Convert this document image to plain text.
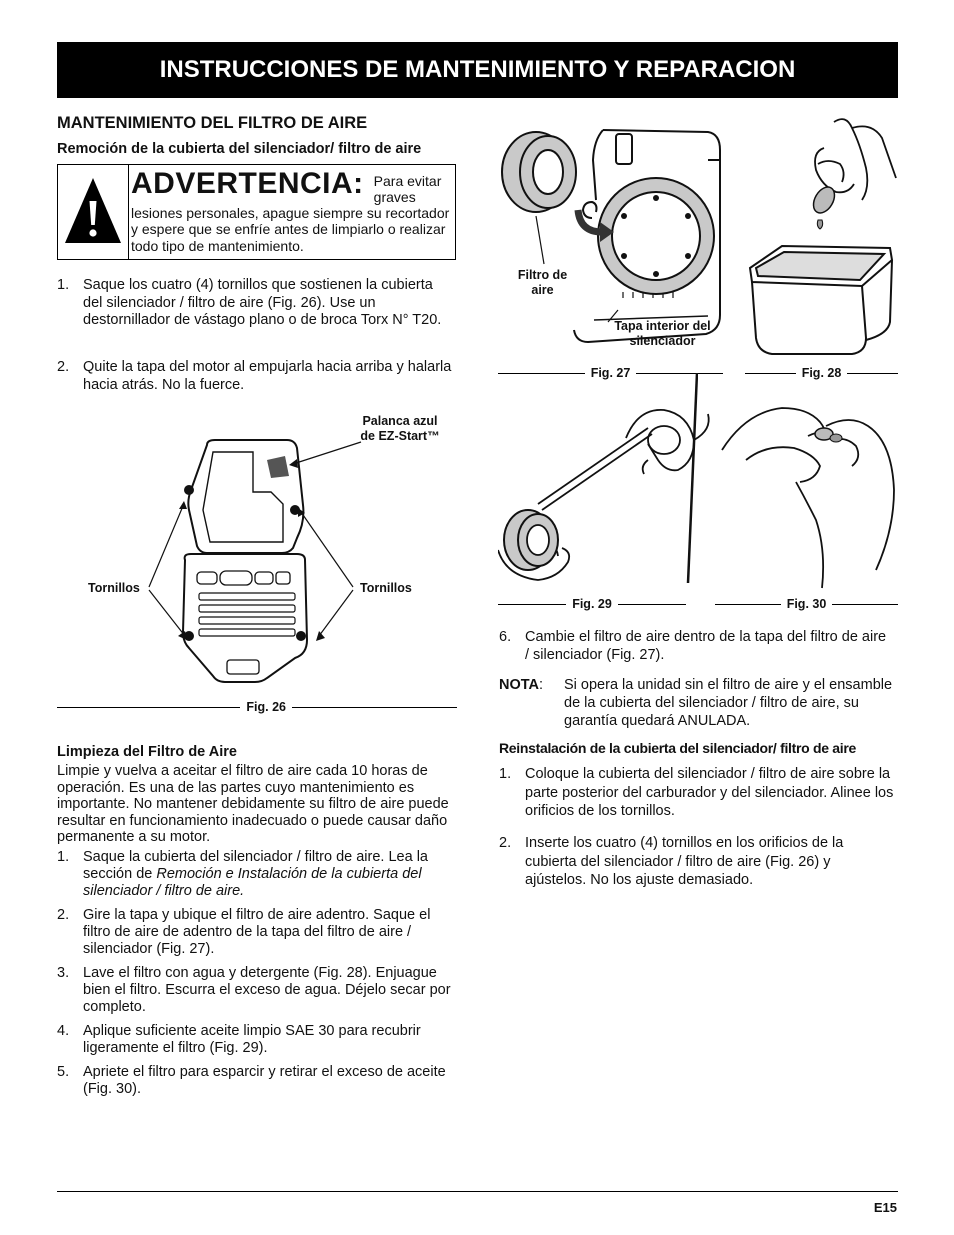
INSTRUCCIONES DE MANTENIMIENTO Y REPARACION
MANTENIMIENTO DEL FILTRO DE AIRE
Remoción de la cubierta del silenciador/ filtro de aire
ADVERTENCIA: Para evitar graves
lesiones personales, apague siempre su recortador y espere que se enfríe antes de limpiarlo o realizar todo tipo de mantenimiento.
1. Saque los cuatro (4) tornillos que sostienen la cubierta del silenciador / filtro de aire (Fig. 26). Use un destornillador de vástago plano o de broca Torx N° T20.
2. Quite la tapa del motor al empujarla hacia arriba y halarla hacia atrás. No la fuerce.
Palanca azul de EZ-Start™
Tornillos	Tornillos
Fig. 26
Limpieza del Filtro de Aire
Limpie y vuelva a aceitar el filtro de aire cada 10 horas de operación. Es una de las partes cuyo mantenimiento es importante. No mantener debidamente su filtro de aire puede resultar en funcionamiento inadecuado o puede causar daño permanente a su motor.
1. Saque la cubierta del silenciador / filtro de aire. Lea la sección de Remoción e Instalación de la cubierta del silenciador / filtro de aire.
2. Gire la tapa y ubique el filtro de aire adentro. Saque el filtro de aire de adentro de la tapa del filtro de aire / silenciador (Fig. 27).
3. Lave el filtro con agua y detergente (Fig. 28). Enjuague bien el filtro. Escurra el exceso de agua. Déjelo secar por completo.
4. Aplique suficiente aceite limpio SAE 30 para recubrir ligeramente el filtro (Fig. 29).
5. Apriete el filtro para esparcir y retirar el exceso de aceite (Fig. 30).
Filtro de aire
Tapa interior del silenciador
Fig. 27	Fig. 28
Fig. 29	Fig. 30
6. Cambie el filtro de aire dentro de la tapa del filtro de aire / silenciador (Fig. 27).
NOTA: Si opera la unidad sin el filtro de aire y el ensamble de la cubierta del silenciador / filtro de aire, su garantía quedará ANULADA.
Reinstalación de la cubierta del silenciador/ filtro de aire
1. Coloque la cubierta del silenciador / filtro de aire sobre la parte posterior del carburador y del silenciador. Alinee los orificios de los tornillos.
2. Inserte los cuatro (4) tornillos en los orificios de la cubierta del silenciador / filtro de aire (Fig. 26) y ajústelos. No los ajuste demasiado.
E15
